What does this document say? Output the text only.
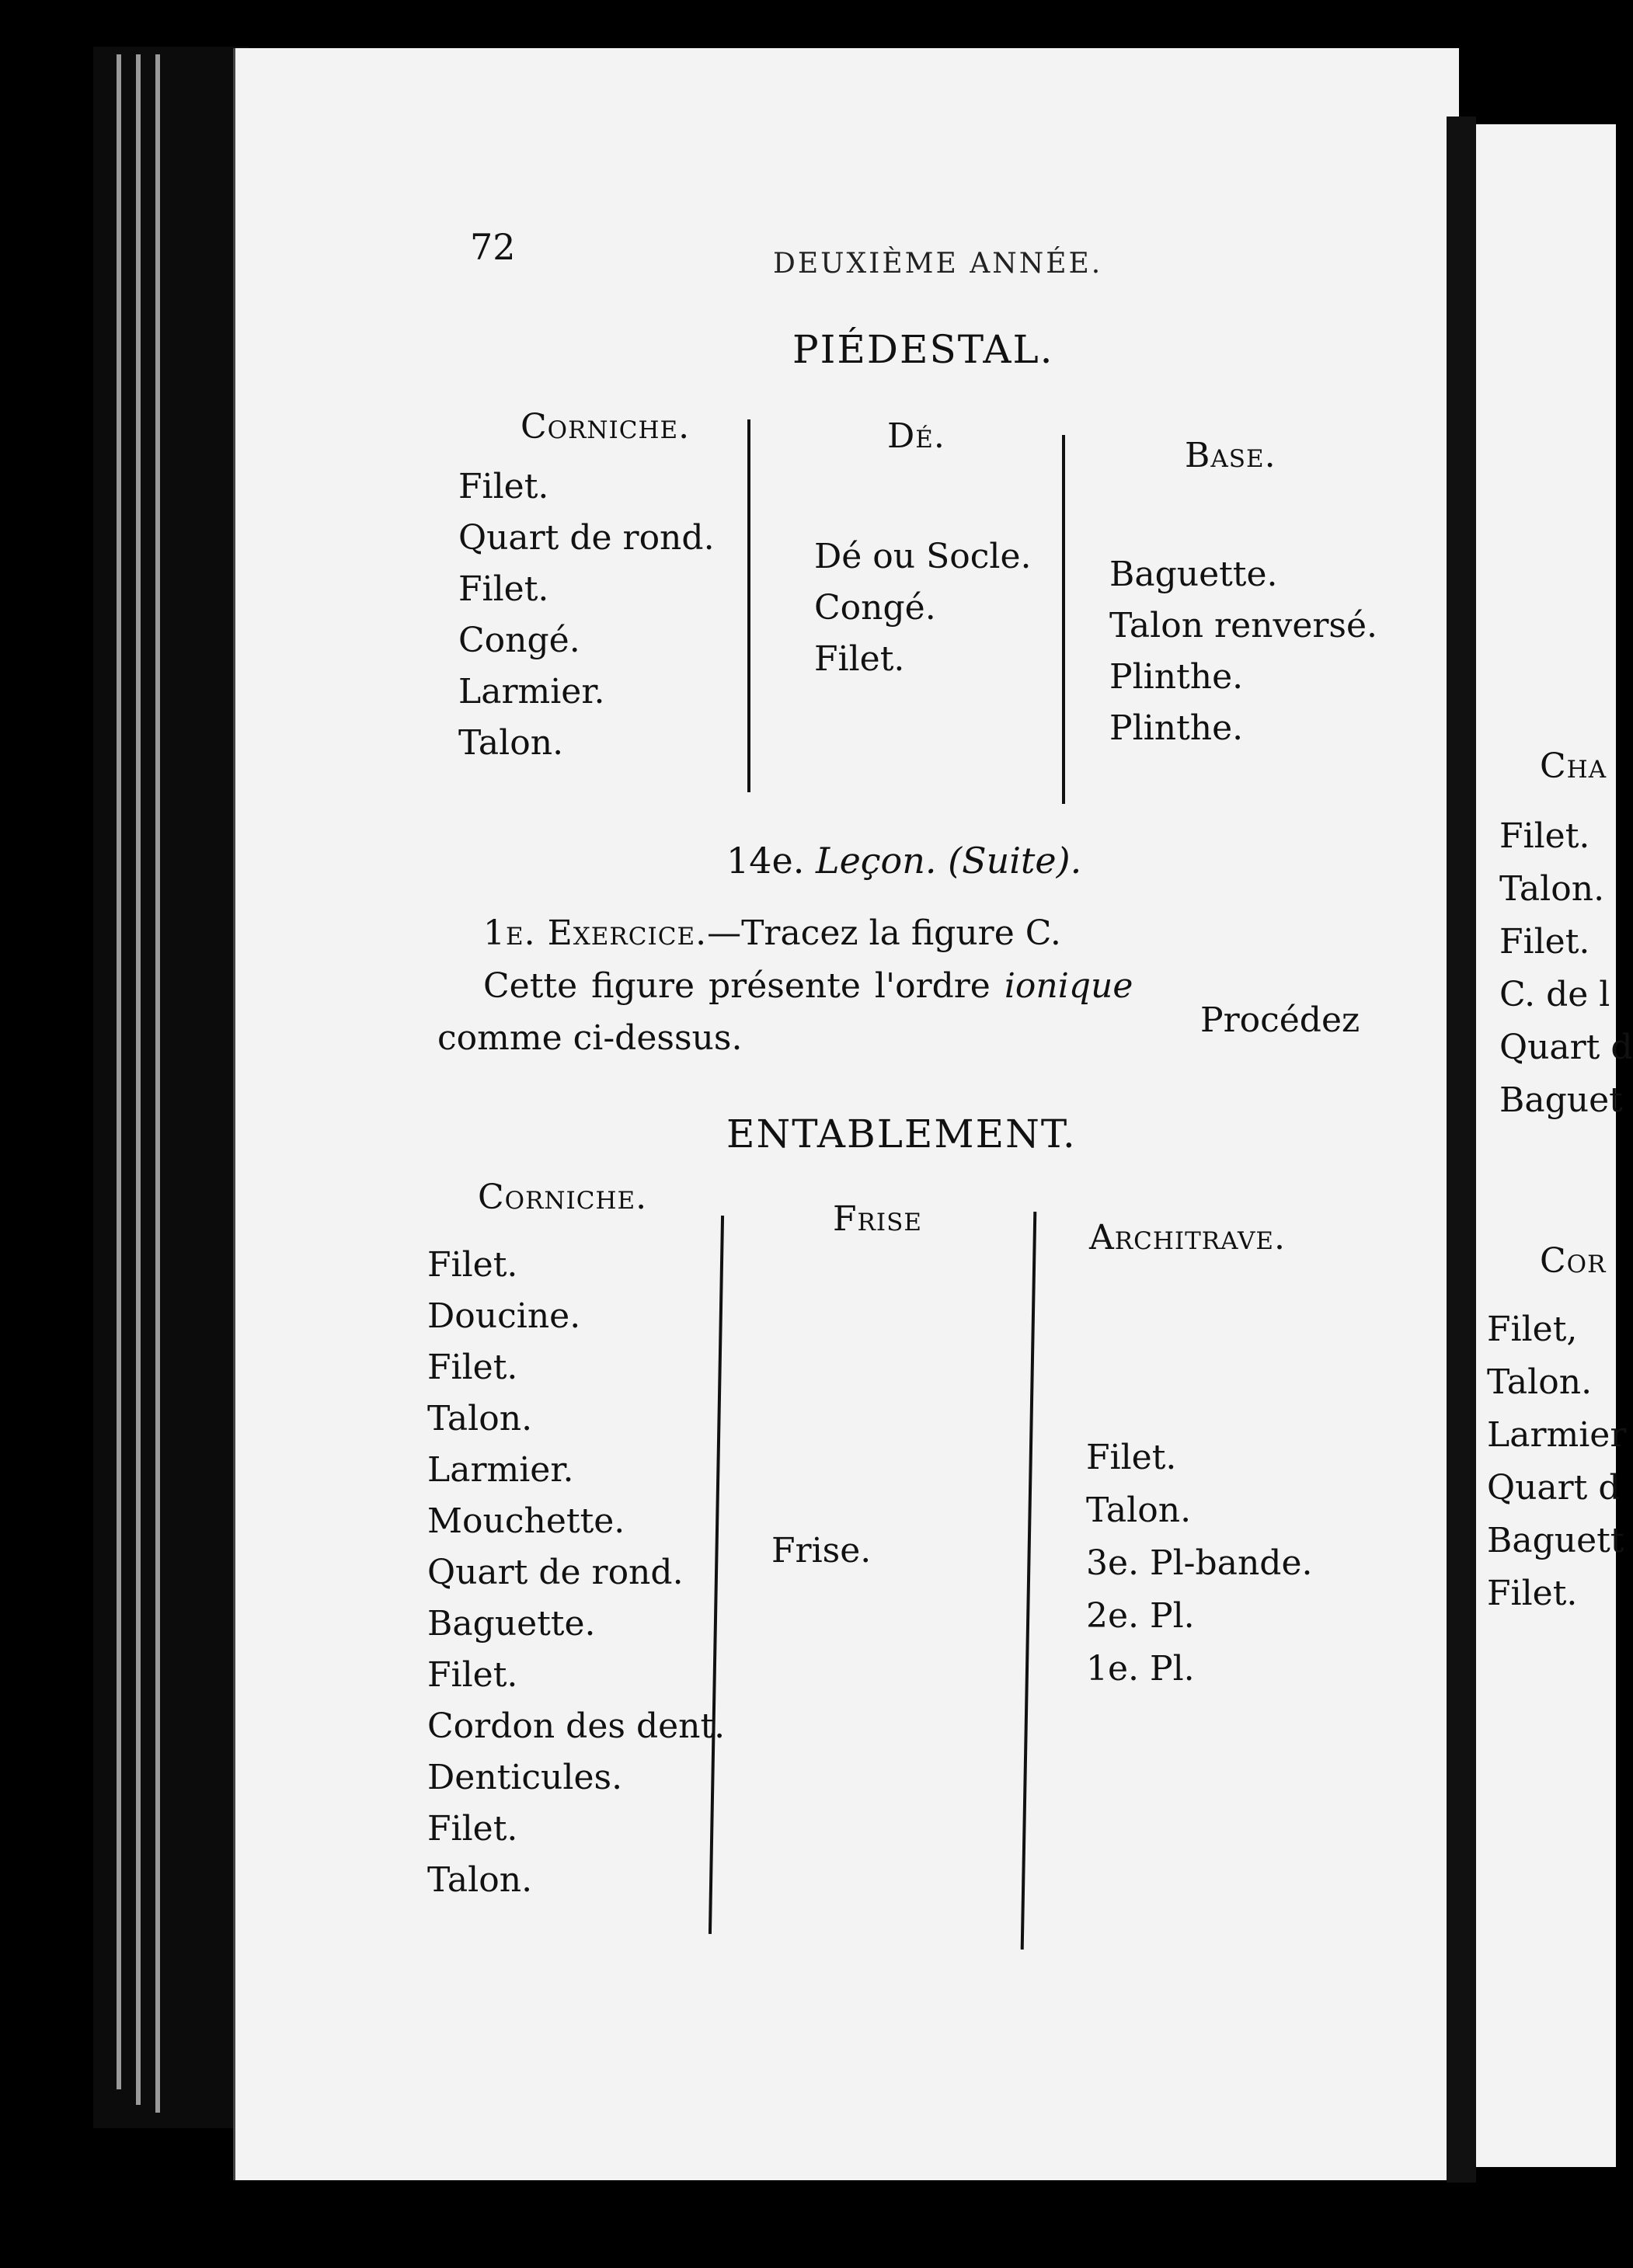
72	DEUXIÈME ANNÉE.
PIÉDESTAL.
Corniche.
Filet.
Quart de rond.
Filet.
Congé.
Larmier.
Talon.
Dé.
Dé ou Socle.
Congé.
Filet.
Base.
Baguette.
Talon renversé.
Plinthe.
Plinthe.
14e. Leçon. (Suite).
1e. Exercice.—Tracez la figure C.
Cette figure présente l'ordre ionique
Procédez
comme ci-dessus.
ENTABLEMENT.
Corniche.
Filet.
Doucine.
Filet.
Talon.
Larmier.
Mouchette.
Quart de rond.
Baguette.
Filet.
Cordon des dent.
Denticules.
Filet.
Talon.
Frise
Frise.
Architrave.
Filet.
Talon.
3e. Pl-bande.
2e. Pl.
1e. Pl.
Cha
Filet.
Talon.
Filet.
C. de l
Quart d
Baguet
Cor
Filet,
Talon.
Larmier
Quart d
Baguett
Filet.
